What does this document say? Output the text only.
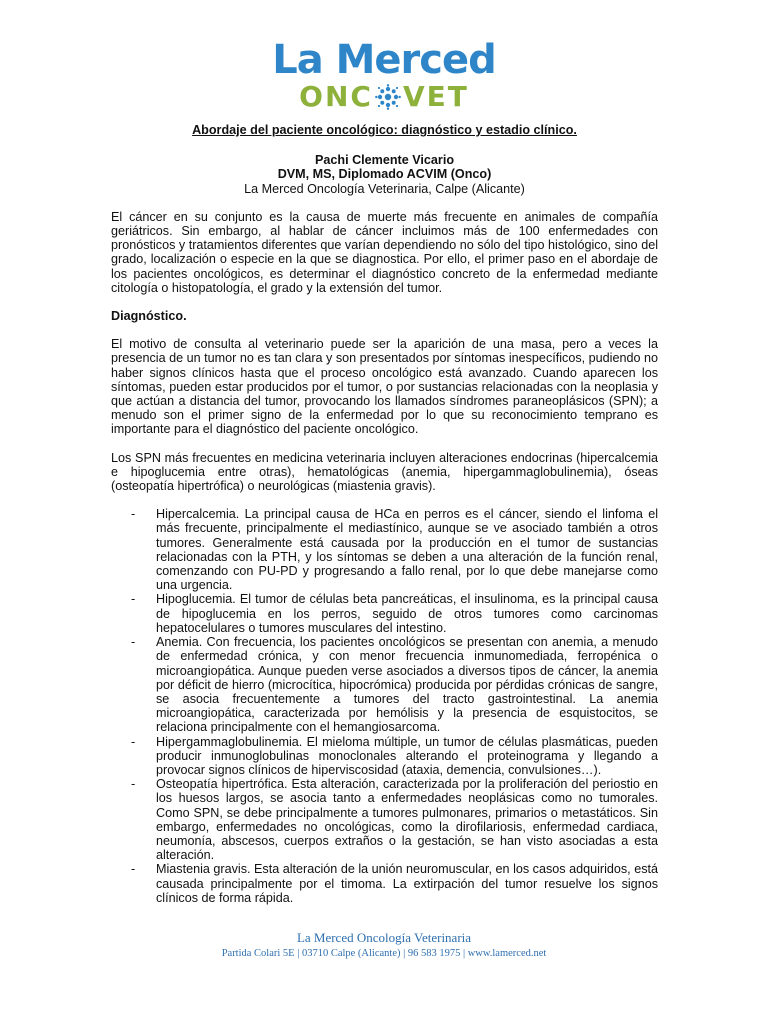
La Merced
ONC VET

Abordaje del paciente oncológico: diagnóstico y estadio clínico.

Pachi Clemente Vicario
DVM, MS, Diplomado ACVIM (Onco)
La Merced Oncología Veterinaria, Calpe (Alicante)

El cáncer en su conjunto es la causa de muerte más frecuente en animales de compañía geriátricos. Sin embargo, al hablar de cáncer incluimos más de 100 enfermedades con pronósticos y tratamientos diferentes que varían dependiendo no sólo del tipo histológico, sino del grado, localización o especie en la que se diagnostica. Por ello, el primer paso en el abordaje de los pacientes oncológicos, es determinar el diagnóstico concreto de la enfermedad mediante citología o histopatología, el grado y la extensión del tumor.

Diagnóstico.

El motivo de consulta al veterinario puede ser la aparición de una masa, pero a veces la presencia de un tumor no es tan clara y son presentados por síntomas inespecíficos, pudiendo no haber signos clínicos hasta que el proceso oncológico está avanzado. Cuando aparecen los síntomas, pueden estar producidos por el tumor, o por sustancias relacionadas con la neoplasia y que actúan a distancia del tumor, provocando los llamados síndromes paraneoplásicos (SPN); a menudo son el primer signo de la enfermedad por lo que su reconocimiento temprano es importante para el diagnóstico del paciente oncológico.

Los SPN más frecuentes en medicina veterinaria incluyen alteraciones endocrinas (hipercalcemia e hipoglucemia entre otras), hematológicas (anemia, hipergammaglobulinemia), óseas (osteopatía hipertrófica) o neurológicas (miastenia gravis).

- Hipercalcemia. La principal causa de HCa en perros es el cáncer, siendo el linfoma el más frecuente, principalmente el mediastínico, aunque se ve asociado también a otros tumores. Generalmente está causada por la producción en el tumor de sustancias relacionadas con la PTH, y los síntomas se deben a una alteración de la función renal, comenzando con PU-PD y progresando a fallo renal, por lo que debe manejarse como una urgencia.
- Hipoglucemia. El tumor de células beta pancreáticas, el insulinoma, es la principal causa de hipoglucemia en los perros, seguido de otros tumores como carcinomas hepatocelulares o tumores musculares del intestino.
- Anemia. Con frecuencia, los pacientes oncológicos se presentan con anemia, a menudo de enfermedad crónica, y con menor frecuencia inmunomediada, ferropénica o microangiopática. Aunque pueden verse asociados a diversos tipos de cáncer, la anemia por déficit de hierro (microcítica, hipocrómica) producida por pérdidas crónicas de sangre, se asocia frecuentemente a tumores del tracto gastrointestinal. La anemia microangiopática, caracterizada por hemólisis y la presencia de esquistocitos, se relaciona principalmente con el hemangiosarcoma.
- Hipergammaglobulinemia. El mieloma múltiple, un tumor de células plasmáticas, pueden producir inmunoglobulinas monoclonales alterando el proteinograma y llegando a provocar signos clínicos de hiperviscosidad (ataxia, demencia, convulsiones…).
- Osteopatía hipertrófica. Esta alteración, caracterizada por la proliferación del periostio en los huesos largos, se asocia tanto a enfermedades neoplásicas como no tumorales. Como SPN, se debe principalmente a tumores pulmonares, primarios o metastáticos. Sin embargo, enfermedades no oncológicas, como la dirofilariosis, enfermedad cardiaca, neumonía, abscesos, cuerpos extraños o la gestación, se han visto asociadas a esta alteración.
- Miastenia gravis. Esta alteración de la unión neuromuscular, en los casos adquiridos, está causada principalmente por el timoma. La extirpación del tumor resuelve los signos clínicos de forma rápida.
La Merced Oncología Veterinaria
Partida Colari 5E | 03710 Calpe (Alicante) | 96 583 1975 | www.lamerced.net
